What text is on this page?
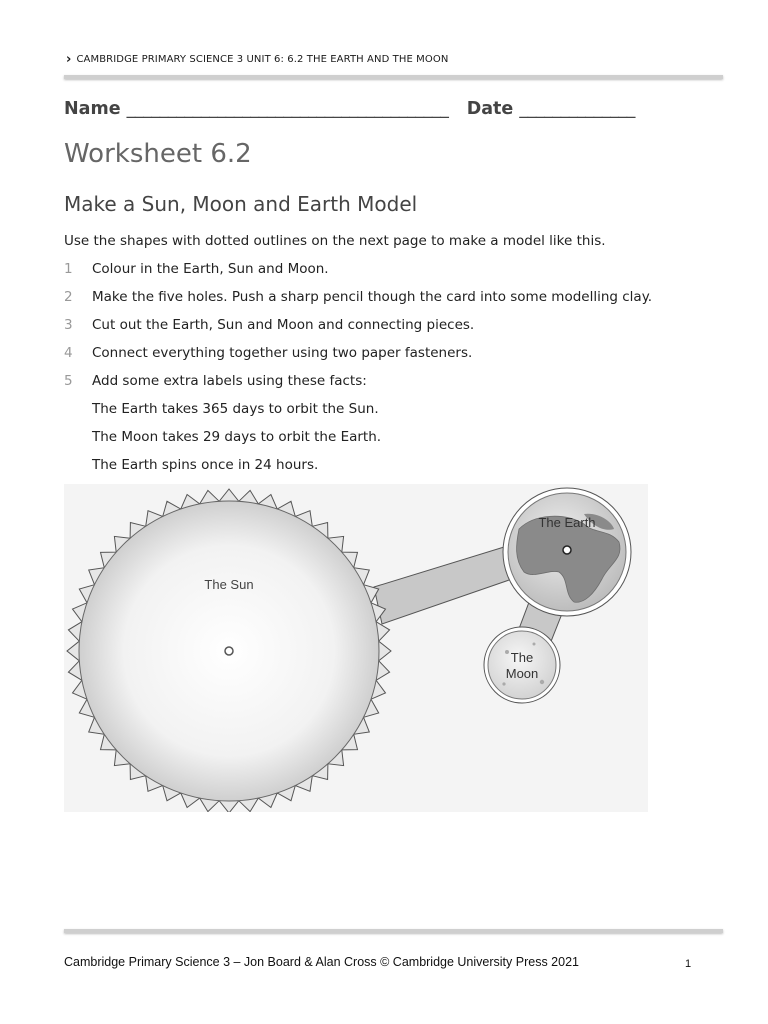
› CAMBRIDGE PRIMARY SCIENCE 3 UNIT 6: 6.2 THE EARTH AND THE MOON
Name _______________________________________ Date ______________
Worksheet 6.2
Make a Sun, Moon and Earth Model
Use the shapes with dotted outlines on the next page to make a model like this.
1	Colour in the Earth, Sun and Moon.
2	Make the five holes. Push a sharp pencil though the card into some modelling clay.
3	Cut out the Earth, Sun and Moon and connecting pieces.
4	Connect everything together using two paper fasteners.
5	Add some extra labels using these facts:
The Earth takes 365 days to orbit the Sun.
The Moon takes 29 days to orbit the Earth.
The Earth spins once in 24 hours.
The Sun
The Earth
The
Moon
Cambridge Primary Science 3 – Jon Board & Alan Cross © Cambridge University Press 2021	1
